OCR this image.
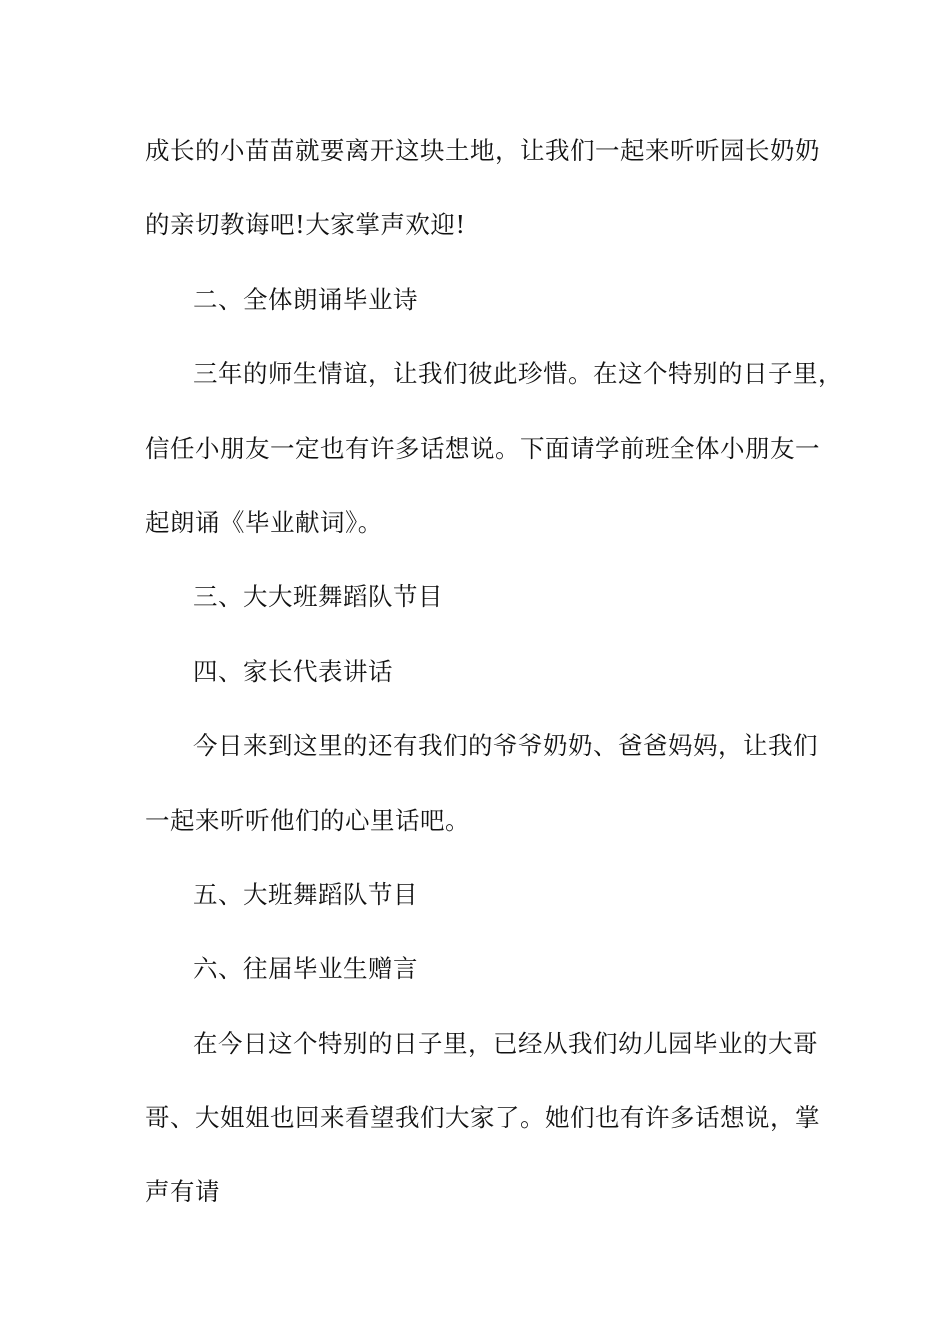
成长的小苗苗就要离开这块土地，让我们一起来听听园长奶奶
的亲切教诲吧!大家掌声欢迎!
二、全体朗诵毕业诗
三年的师生情谊，让我们彼此珍惜。在这个特别的日子里，
信任小朋友一定也有许多话想说。下面请学前班全体小朋友一
起朗诵《毕业献词》。
三、大大班舞蹈队节目
四、家长代表讲话
今日来到这里的还有我们的爷爷奶奶、爸爸妈妈，让我们
一起来听听他们的心里话吧。
五、大班舞蹈队节目
六、往届毕业生赠言
在今日这个特别的日子里，已经从我们幼儿园毕业的大哥
哥、大姐姐也回来看望我们大家了。她们也有许多话想说，掌
声有请
